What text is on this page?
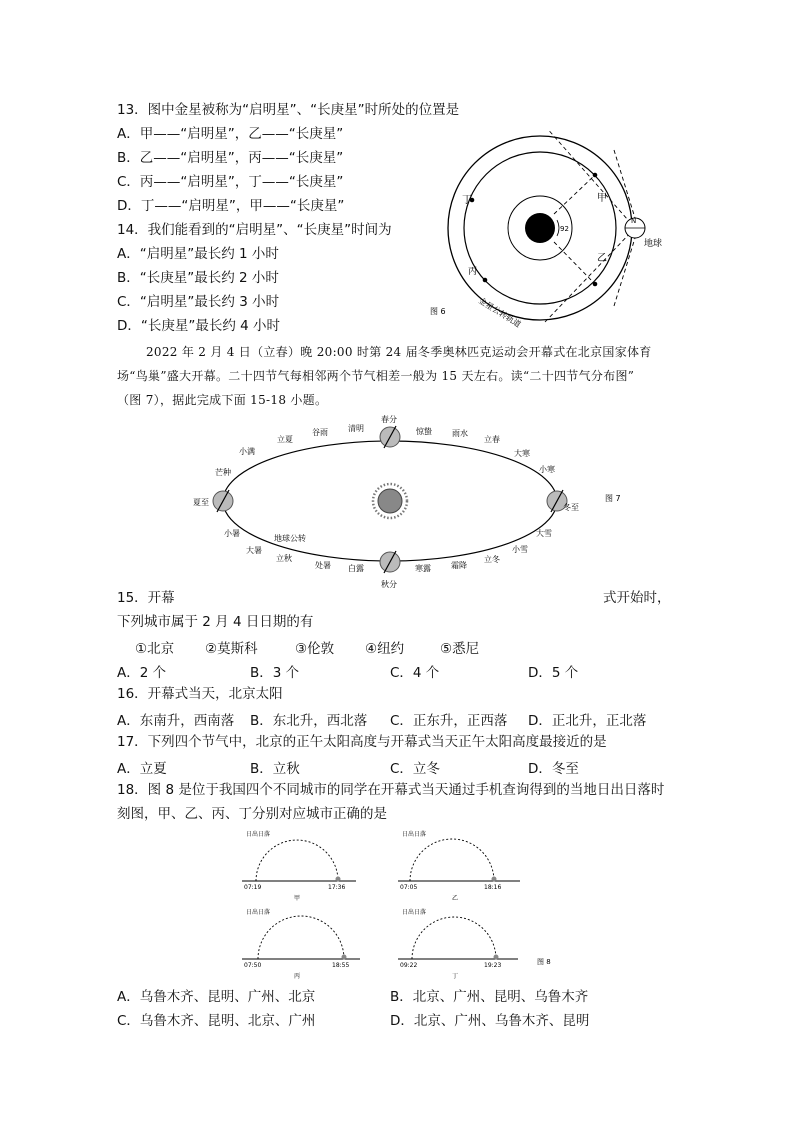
13．图中金星被称为“启明星”、“长庚星”时所处的位置是
A．甲——“启明星”，乙——“长庚星”
B．乙——“启明星”，丙——“长庚星”
C．丙——“启明星”，丁——“长庚星”
D．丁——“启明星”，甲——“长庚星”
14．我们能看到的“启明星”、“长庚星”时间为
A．“启明星”最长约 1 小时
B．“长庚星”最长约 2 小时
C．“启明星”最长约 3 小时
D．“长庚星”最长约 4 小时
92
甲
乙
丙
丁
N
地球
图 6	金星公转轨道
2022 年 2 月 4 日（立春）晚 20:00 时第 24 届冬季奥林匹克运动会开幕式在北京国家体育
场“鸟巢”盛大开幕。二十四节气每相邻两个节气相差一般为 15 天左右。读“二十四节气分布图”
（图 7），据此完成下面 15-18 小题。
春分
惊蛰	雨水
立春
大寒
小寒
冬至
大雪
小雪
立冬
霜降
寒露
秋分
白露
处暑
立秋
大暑
小暑
夏至
芒种
小满
立夏
谷雨	清明
地球公转
图 7
15．开幕	式开始时，
下列城市属于 2 月 4 日日期的有
①北京 ②莫斯科	③伦敦 ④纽约	⑤悉尼
A．2 个	B．3 个	C．4 个	D．5 个
16．开幕式当天，北京太阳
A．东南升，西南落 B．东北升，西北落 C．正东升，正西落 D．正北升，正北落
17．下列四个节气中，北京的正午太阳高度与开幕式当天正午太阳高度最接近的是
A．立夏	B．立秋	C．立冬	D．冬至
18．图 8 是位于我国四个不同城市的同学在开幕式当天通过手机查询得到的当地日出日落时
刻图，甲、乙、丙、丁分别对应城市正确的是
日出日落
07:19	17:36
甲
日出日落
07:05	18:16
乙
日出日落
07:50	18:55
丙
日出日落
09:22	19:23
丁
图 8
A．乌鲁木齐、昆明、广州、北京	B．北京、广州、昆明、乌鲁木齐
C．乌鲁木齐、昆明、北京、广州	D．北京、广州、乌鲁木齐、昆明
